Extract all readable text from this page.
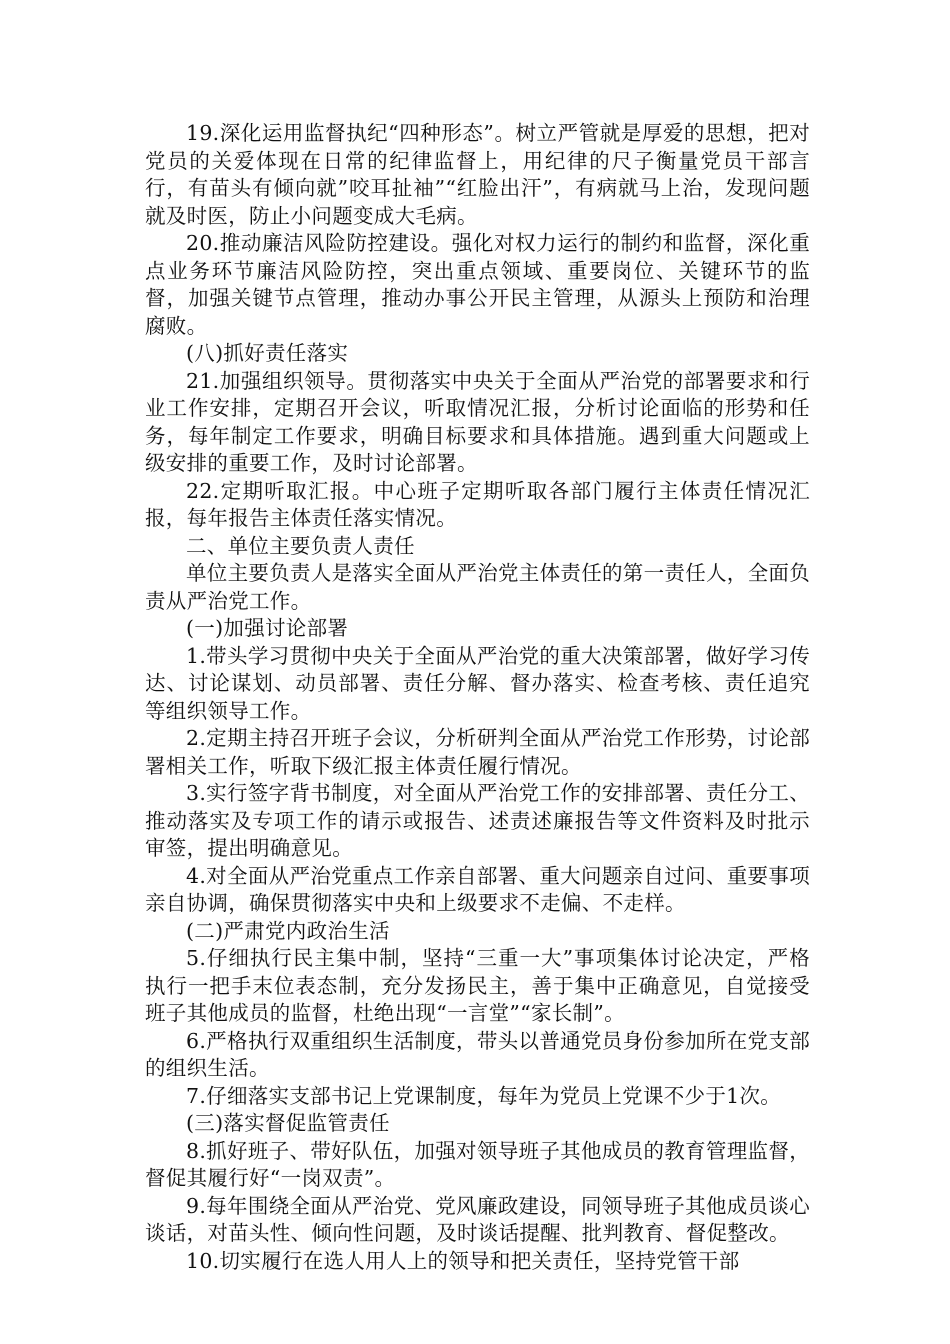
19.深化运用监督执纪“四种形态”。树立严管就是厚爱的思想，把对党员的关爱体现在日常的纪律监督上，用纪律的尺子衡量党员干部言行，有苗头有倾向就”咬耳扯袖”“红脸出汗”，有病就马上治，发现问题就及时医，防止小问题变成大毛病。

20.推动廉洁风险防控建设。强化对权力运行的制约和监督，深化重点业务环节廉洁风险防控，突出重点领域、重要岗位、关键环节的监督，加强关键节点管理，推动办事公开民主管理，从源头上预防和治理腐败。

(八)抓好责任落实

21.加强组织领导。贯彻落实中央关于全面从严治党的部署要求和行业工作安排，定期召开会议，听取情况汇报，分析讨论面临的形势和任务，每年制定工作要求，明确目标要求和具体措施。遇到重大问题或上级安排的重要工作，及时讨论部署。

22.定期听取汇报。中心班子定期听取各部门履行主体责任情况汇报，每年报告主体责任落实情况。

二、单位主要负责人责任

单位主要负责人是落实全面从严治党主体责任的第一责任人，全面负责从严治党工作。

(一)加强讨论部署

1.带头学习贯彻中央关于全面从严治党的重大决策部署，做好学习传达、讨论谋划、动员部署、责任分解、督办落实、检查考核、责任追究等组织领导工作。

2.定期主持召开班子会议，分析研判全面从严治党工作形势，讨论部署相关工作，听取下级汇报主体责任履行情况。

3.实行签字背书制度，对全面从严治党工作的安排部署、责任分工、推动落实及专项工作的请示或报告、述责述廉报告等文件资料及时批示审签，提出明确意见。

4.对全面从严治党重点工作亲自部署、重大问题亲自过问、重要事项亲自协调，确保贯彻落实中央和上级要求不走偏、不走样。

(二)严肃党内政治生活

5.仔细执行民主集中制，坚持“三重一大”事项集体讨论决定，严格执行一把手末位表态制，充分发扬民主，善于集中正确意见，自觉接受班子其他成员的监督，杜绝出现“一言堂”“家长制”。

6.严格执行双重组织生活制度，带头以普通党员身份参加所在党支部的组织生活。

7.仔细落实支部书记上党课制度，每年为党员上党课不少于1次。

(三)落实督促监管责任

8.抓好班子、带好队伍，加强对领导班子其他成员的教育管理监督，督促其履行好“一岗双责”。

9.每年围绕全面从严治党、党风廉政建设，同领导班子其他成员谈心谈话，对苗头性、倾向性问题，及时谈话提醒、批判教育、督促整改。

10.切实履行在选人用人上的领导和把关责任，坚持党管干部
